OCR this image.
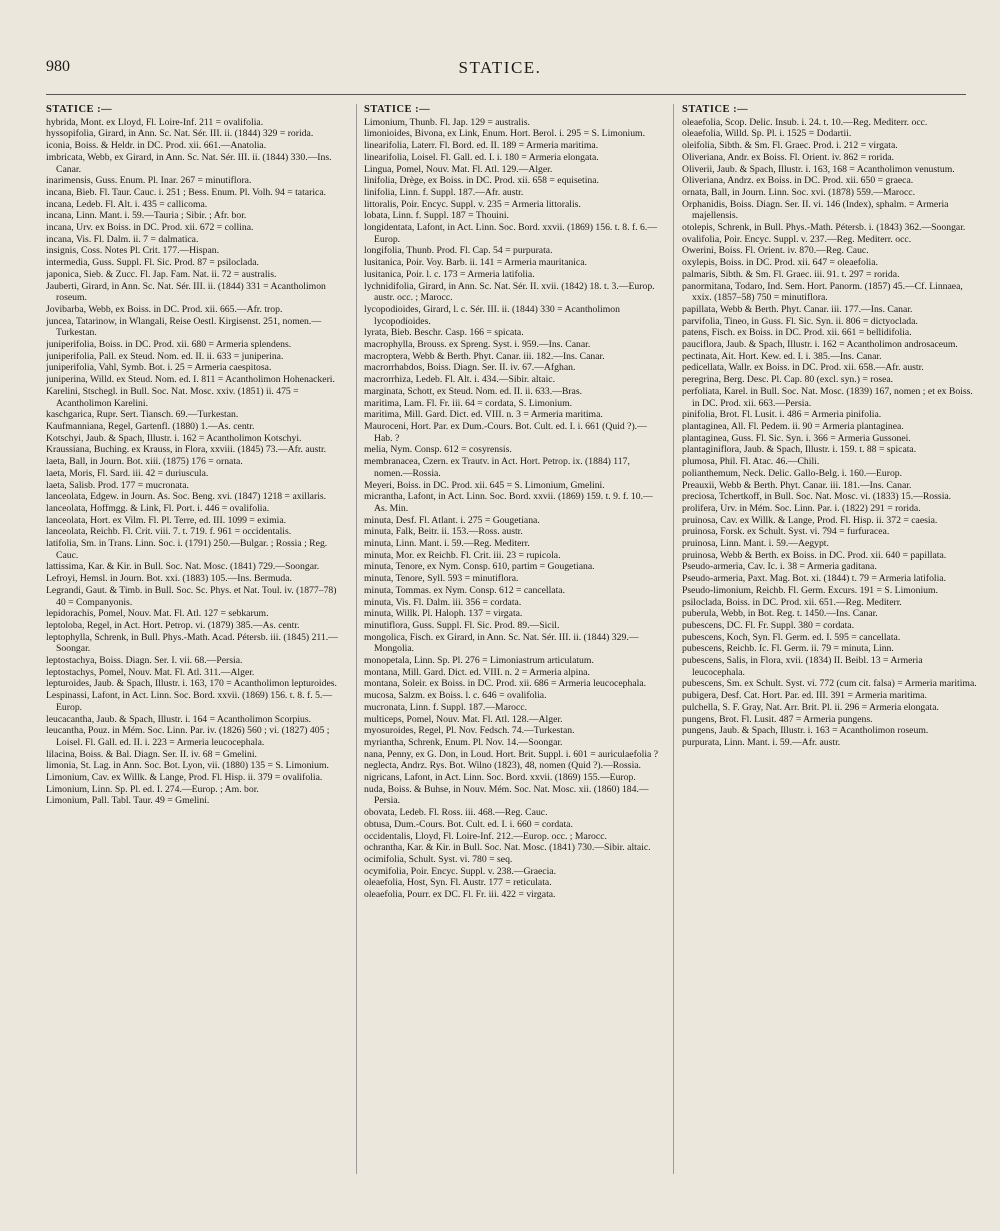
980	STATICE.
STATICE :—

hybrida, Mont. ex Lloyd, Fl. Loire-Inf. 211 = ovalifolia.

hyssopifolia, Girard, in Ann. Sc. Nat. Sér. III. ii. (1844) 329 = rorida.

iconia, Boiss. & Heldr. in DC. Prod. xii. 661.—Anatolia.

imbricata, Webb, ex Girard, in Ann. Sc. Nat. Sér. III. ii. (1844) 330.—Ins. Canar.

inarimensis, Guss. Enum. Pl. Inar. 267 = minutiflora.

incana, Bieb. Fl. Taur. Cauc. i. 251 ; Bess. Enum. Pl. Volh. 94 = tatarica.

incana, Ledeb. Fl. Alt. i. 435 = callicoma.

incana, Linn. Mant. i. 59.—Tauria ; Sibir. ; Afr. bor.

incana, Urv. ex Boiss. in DC. Prod. xii. 672 = collina.

incana, Vis. Fl. Dalm. ii. 7 = dalmatica.

insignis, Coss. Notes Pl. Crit. 177.—Hispan.

intermedia, Guss. Suppl. Fl. Sic. Prod. 87 = psiloclada.

japonica, Sieb. & Zucc. Fl. Jap. Fam. Nat. ii. 72 = australis.

Jauberti, Girard, in Ann. Sc. Nat. Sér. III. ii. (1844) 331 = Acantholimon roseum.

Jovibarba, Webb, ex Boiss. in DC. Prod. xii. 665.—Afr. trop.

juncea, Tatarinow, in Wlangali, Reise Oestl. Kirgisenst. 251, nomen.—Turkestan.

juniperifolia, Boiss. in DC. Prod. xii. 680 = Armeria splendens.

juniperifolia, Pall. ex Steud. Nom. ed. II. ii. 633 = juniperina.

juniperifolia, Vahl, Symb. Bot. i. 25 = Armeria caespitosa.

juniperina, Willd. ex Steud. Nom. ed. I. 811 = Acantholimon Hohenackeri.

Karelini, Stschegl. in Bull. Soc. Nat. Mosc. xxiv. (1851) ii. 475 = Acantholimon Karelini.

kaschgarica, Rupr. Sert. Tiansch. 69.—Turkestan.

Kaufmanniana, Regel, Gartenfl. (1880) 1.—As. centr.

Kotschyi, Jaub. & Spach, Illustr. i. 162 = Acantholimon Kotschyi.

Kraussiana, Buching. ex Krauss, in Flora, xxviii. (1845) 73.—Afr. austr.

laeta, Ball, in Journ. Bot. xiii. (1875) 176 = ornata.

laeta, Moris, Fl. Sard. iii. 42 = duriuscula.

laeta, Salisb. Prod. 177 = mucronata.

lanceolata, Edgew. in Journ. As. Soc. Beng. xvi. (1847) 1218 = axillaris.

lanceolata, Hoffmgg. & Link, Fl. Port. i. 446 = ovalifolia.

lanceolata, Hort. ex Vilm. Fl. Pl. Terre, ed. III. 1099 = eximia.

lanceolata, Reichb. Fl. Crit. viii. 7. t. 719. f. 961 = occidentalis.

latifolia, Sm. in Trans. Linn. Soc. i. (1791) 250.—Bulgar. ; Rossia ; Reg. Cauc.

lattissima, Kar. & Kir. in Bull. Soc. Nat. Mosc. (1841) 729.—Soongar.

Lefroyi, Hemsl. in Journ. Bot. xxi. (1883) 105.—Ins. Bermuda.

Legrandi, Gaut. & Timb. in Bull. Soc. Sc. Phys. et Nat. Toul. iv. (1877–78) 40 = Companyonis.

lepidorachis, Pomel, Nouv. Mat. Fl. Atl. 127 = sebkarum.

leptoloba, Regel, in Act. Hort. Petrop. vi. (1879) 385.—As. centr.

leptophylla, Schrenk, in Bull. Phys.-Math. Acad. Pétersb. iii. (1845) 211.—Soongar.

leptostachya, Boiss. Diagn. Ser. I. vii. 68.—Persia.

leptostachys, Pomel, Nouv. Mat. Fl. Atl. 311.—Alger.

lepturoides, Jaub. & Spach, Illustr. i. 163, 170 = Acantholimon lepturoides.

Lespinassi, Lafont, in Act. Linn. Soc. Bord. xxvii. (1869) 156. t. 8. f. 5.—Europ.

leucacantha, Jaub. & Spach, Illustr. i. 164 = Acantholimon Scorpius.

leucantha, Pouz. in Mém. Soc. Linn. Par. iv. (1826) 560 ; vi. (1827) 405 ; Loisel. Fl. Gall. ed. II. i. 223 = Armeria leucocephala.

lilacina, Boiss. & Bal. Diagn. Ser. II. iv. 68 = Gmelini.

limonia, St. Lag. in Ann. Soc. Bot. Lyon, vii. (1880) 135 = S. Limonium.

Limonium, Cav. ex Willk. & Lange, Prod. Fl. Hisp. ii. 379 = ovalifolia.

Limonium, Linn. Sp. Pl. ed. I. 274.—Europ. ; Am. bor.

Limonium, Pall. Tabl. Taur. 49 = Gmelini.

STATICE :—

Limonium, Thunb. Fl. Jap. 129 = australis.

limonioides, Bivona, ex Link, Enum. Hort. Berol. i. 295 = S. Limonium.

linearifolia, Laterr. Fl. Bord. ed. II. 189 = Armeria maritima.

linearifolia, Loisel. Fl. Gall. ed. I. i. 180 = Armeria elongata.

Lingua, Pomel, Nouv. Mat. Fl. Atl. 129.—Alger.

linifolia, Drège, ex Boiss. in DC. Prod. xii. 658 = equisetina.

linifolia, Linn. f. Suppl. 187.—Afr. austr.

littoralis, Poir. Encyc. Suppl. v. 235 = Armeria littoralis.

lobata, Linn. f. Suppl. 187 = Thouini.

longidentata, Lafont, in Act. Linn. Soc. Bord. xxvii. (1869) 156. t. 8. f. 6.—Europ.

longifolia, Thunb. Prod. Fl. Cap. 54 = purpurata.

lusitanica, Poir. Voy. Barb. ii. 141 = Armeria mauritanica.

lusitanica, Poir. l. c. 173 = Armeria latifolia.

lychnidifolia, Girard, in Ann. Sc. Nat. Sér. II. xvii. (1842) 18. t. 3.—Europ. austr. occ. ; Marocc.

lycopodioides, Girard, l. c. Sér. III. ii. (1844) 330 = Acantholimon lycopodioides.

lyrata, Bieb. Beschr. Casp. 166 = spicata.

macrophylla, Brouss. ex Spreng. Syst. i. 959.—Ins. Canar.

macroptera, Webb & Berth. Phyt. Canar. iii. 182.—Ins. Canar.

macrorrhabdos, Boiss. Diagn. Ser. II. iv. 67.—Afghan.

macrorrhiza, Ledeb. Fl. Alt. i. 434.—Sibir. altaic.

marginata, Schott, ex Steud. Nom. ed. II. ii. 633.—Bras.

maritima, Lam. Fl. Fr. iii. 64 = cordata, S. Limonium.

maritima, Mill. Gard. Dict. ed. VIII. n. 3 = Armeria maritima.

Mauroceni, Hort. Par. ex Dum.-Cours. Bot. Cult. ed. I. i. 661 (Quid ?).—Hab. ?

melia, Nym. Consp. 612 = cosyrensis.

membranacea, Czern. ex Trautv. in Act. Hort. Petrop. ix. (1884) 117, nomen.—Rossia.

Meyeri, Boiss. in DC. Prod. xii. 645 = S. Limonium, Gmelini.

micrantha, Lafont, in Act. Linn. Soc. Bord. xxvii. (1869) 159. t. 9. f. 10.—As. Min.

minuta, Desf. Fl. Atlant. i. 275 = Gougetiana.

minuta, Falk, Beitr. ii. 153.—Ross. austr.

minuta, Linn. Mant. i. 59.—Reg. Mediterr.

minuta, Mor. ex Reichb. Fl. Crit. iii. 23 = rupicola.

minuta, Tenore, ex Nym. Consp. 610, partim = Gougetiana.

minuta, Tenore, Syll. 593 = minutiflora.

minuta, Tommas. ex Nym. Consp. 612 = cancellata.

minuta, Vis. Fl. Dalm. iii. 356 = cordata.

minuta, Willk. Pl. Haloph. 137 = virgata.

minutiflora, Guss. Suppl. Fl. Sic. Prod. 89.—Sicil.

mongolica, Fisch. ex Girard, in Ann. Sc. Nat. Sér. III. ii. (1844) 329.—Mongolia.

monopetala, Linn. Sp. Pl. 276 = Limoniastrum articulatum.

montana, Mill. Gard. Dict. ed. VIII. n. 2 = Armeria alpina.

montana, Soleir. ex Boiss. in DC. Prod. xii. 686 = Armeria leucocephala.

mucosa, Salzm. ex Boiss. l. c. 646 = ovalifolia.

mucronata, Linn. f. Suppl. 187.—Marocc.

multiceps, Pomel, Nouv. Mat. Fl. Atl. 128.—Alger.

myosuroides, Regel, Pl. Nov. Fedsch. 74.—Turkestan.

myriantha, Schrenk, Enum. Pl. Nov. 14.—Soongar.

nana, Penny, ex G. Don, in Loud. Hort. Brit. Suppl. i. 601 = auriculaefolia ?

neglecta, Andrz. Rys. Bot. Wilno (1823), 48, nomen (Quid ?).—Rossia.

nigricans, Lafont, in Act. Linn. Soc. Bord. xxvii. (1869) 155.—Europ.

nuda, Boiss. & Buhse, in Nouv. Mém. Soc. Nat. Mosc. xii. (1860) 184.—Persia.

obovata, Ledeb. Fl. Ross. iii. 468.—Reg. Cauc.

obtusa, Dum.-Cours. Bot. Cult. ed. I. i. 660 = cordata.

occidentalis, Lloyd, Fl. Loire-Inf. 212.—Europ. occ. ; Marocc.

ochrantha, Kar. & Kir. in Bull. Soc. Nat. Mosc. (1841) 730.—Sibir. altaic.

ocimifolia, Schult. Syst. vi. 780 = seq.

ocymifolia, Poir. Encyc. Suppl. v. 238.—Graecia.

oleaefolia, Host, Syn. Fl. Austr. 177 = reticulata.

oleaefolia, Pourr. ex DC. Fl. Fr. iii. 422 = virgata.

STATICE :—

oleaefolia, Scop. Delic. Insub. i. 24. t. 10.—Reg. Mediterr. occ.

oleaefolia, Willd. Sp. Pl. i. 1525 = Dodartii.

oleifolia, Sibth. & Sm. Fl. Graec. Prod. i. 212 = virgata.

Oliveriana, Andr. ex Boiss. Fl. Orient. iv. 862 = rorida.

Oliverii, Jaub. & Spach, Illustr. i. 163, 168 = Acantholimon venustum.

Oliveriana, Andrz. ex Boiss. in DC. Prod. xii. 650 = graeca.

ornata, Ball, in Journ. Linn. Soc. xvi. (1878) 559.—Marocc.

Orphanidis, Boiss. Diagn. Ser. II. vi. 146 (Index), sphalm. = Armeria majellensis.

otolepis, Schrenk, in Bull. Phys.-Math. Pétersb. i. (1843) 362.—Soongar.

ovalifolia, Poir. Encyc. Suppl. v. 237.—Reg. Mediterr. occ.

Owerini, Boiss. Fl. Orient. iv. 870.—Reg. Cauc.

oxylepis, Boiss. in DC. Prod. xii. 647 = oleaefolia.

palmaris, Sibth. & Sm. Fl. Graec. iii. 91. t. 297 = rorida.

panormitana, Todaro, Ind. Sem. Hort. Panorm. (1857) 45.—Cf. Linnaea, xxix. (1857–58) 750 = minutiflora.

papillata, Webb & Berth. Phyt. Canar. iii. 177.—Ins. Canar.

parvifolia, Tineo, in Guss. Fl. Sic. Syn. ii. 806 = dictyoclada.

patens, Fisch. ex Boiss. in DC. Prod. xii. 661 = bellidifolia.

pauciflora, Jaub. & Spach, Illustr. i. 162 = Acantholimon androsaceum.

pectinata, Ait. Hort. Kew. ed. I. i. 385.—Ins. Canar.

pedicellata, Wallr. ex Boiss. in DC. Prod. xii. 658.—Afr. austr.

peregrina, Berg. Desc. Pl. Cap. 80 (excl. syn.) = rosea.

perfoliata, Karel. in Bull. Soc. Nat. Mosc. (1839) 167, nomen ; et ex Boiss. in DC. Prod. xii. 663.—Persia.

pinifolia, Brot. Fl. Lusit. i. 486 = Armeria pinifolia.

plantaginea, All. Fl. Pedem. ii. 90 = Armeria plantaginea.

plantaginea, Guss. Fl. Sic. Syn. i. 366 = Armeria Gussonei.

plantaginiflora, Jaub. & Spach, Illustr. i. 159. t. 88 = spicata.

plumosa, Phil. Fl. Atac. 46.—Chili.

polianthemum, Neck. Delic. Gallo-Belg. i. 160.—Europ.

Preauxii, Webb & Berth. Phyt. Canar. iii. 181.—Ins. Canar.

preciosa, Tchertkoff, in Bull. Soc. Nat. Mosc. vi. (1833) 15.—Rossia.

prolifera, Urv. in Mém. Soc. Linn. Par. i. (1822) 291 = rorida.

pruinosa, Cav. ex Willk. & Lange, Prod. Fl. Hisp. ii. 372 = caesia.

pruinosa, Forsk. ex Schult. Syst. vi. 794 = furfuracea.

pruinosa, Linn. Mant. i. 59.—Aegypt.

pruinosa, Webb & Berth. ex Boiss. in DC. Prod. xii. 640 = papillata.

Pseudo-armeria, Cav. Ic. i. 38 = Armeria gaditana.

Pseudo-armeria, Paxt. Mag. Bot. xi. (1844) t. 79 = Armeria latifolia.

Pseudo-limonium, Reichb. Fl. Germ. Excurs. 191 = S. Limonium.

psiloclada, Boiss. in DC. Prod. xii. 651.—Reg. Mediterr.

puberula, Webb, in Bot. Reg. t. 1450.—Ins. Canar.

pubescens, DC. Fl. Fr. Suppl. 380 = cordata.

pubescens, Koch, Syn. Fl. Germ. ed. I. 595 = cancellata.

pubescens, Reichb. Ic. Fl. Germ. ii. 79 = minuta, Linn.

pubescens, Salis, in Flora, xvii. (1834) II. Beibl. 13 = Armeria leucocephala.

pubescens, Sm. ex Schult. Syst. vi. 772 (cum cit. falsa) = Armeria maritima.

pubigera, Desf. Cat. Hort. Par. ed. III. 391 = Armeria maritima.

pulchella, S. F. Gray, Nat. Arr. Brit. Pl. ii. 296 = Armeria elongata.

pungens, Brot. Fl. Lusit. 487 = Armeria pungens.

pungens, Jaub. & Spach, Illustr. i. 163 = Acantholimon roseum.

purpurata, Linn. Mant. i. 59.—Afr. austr.
